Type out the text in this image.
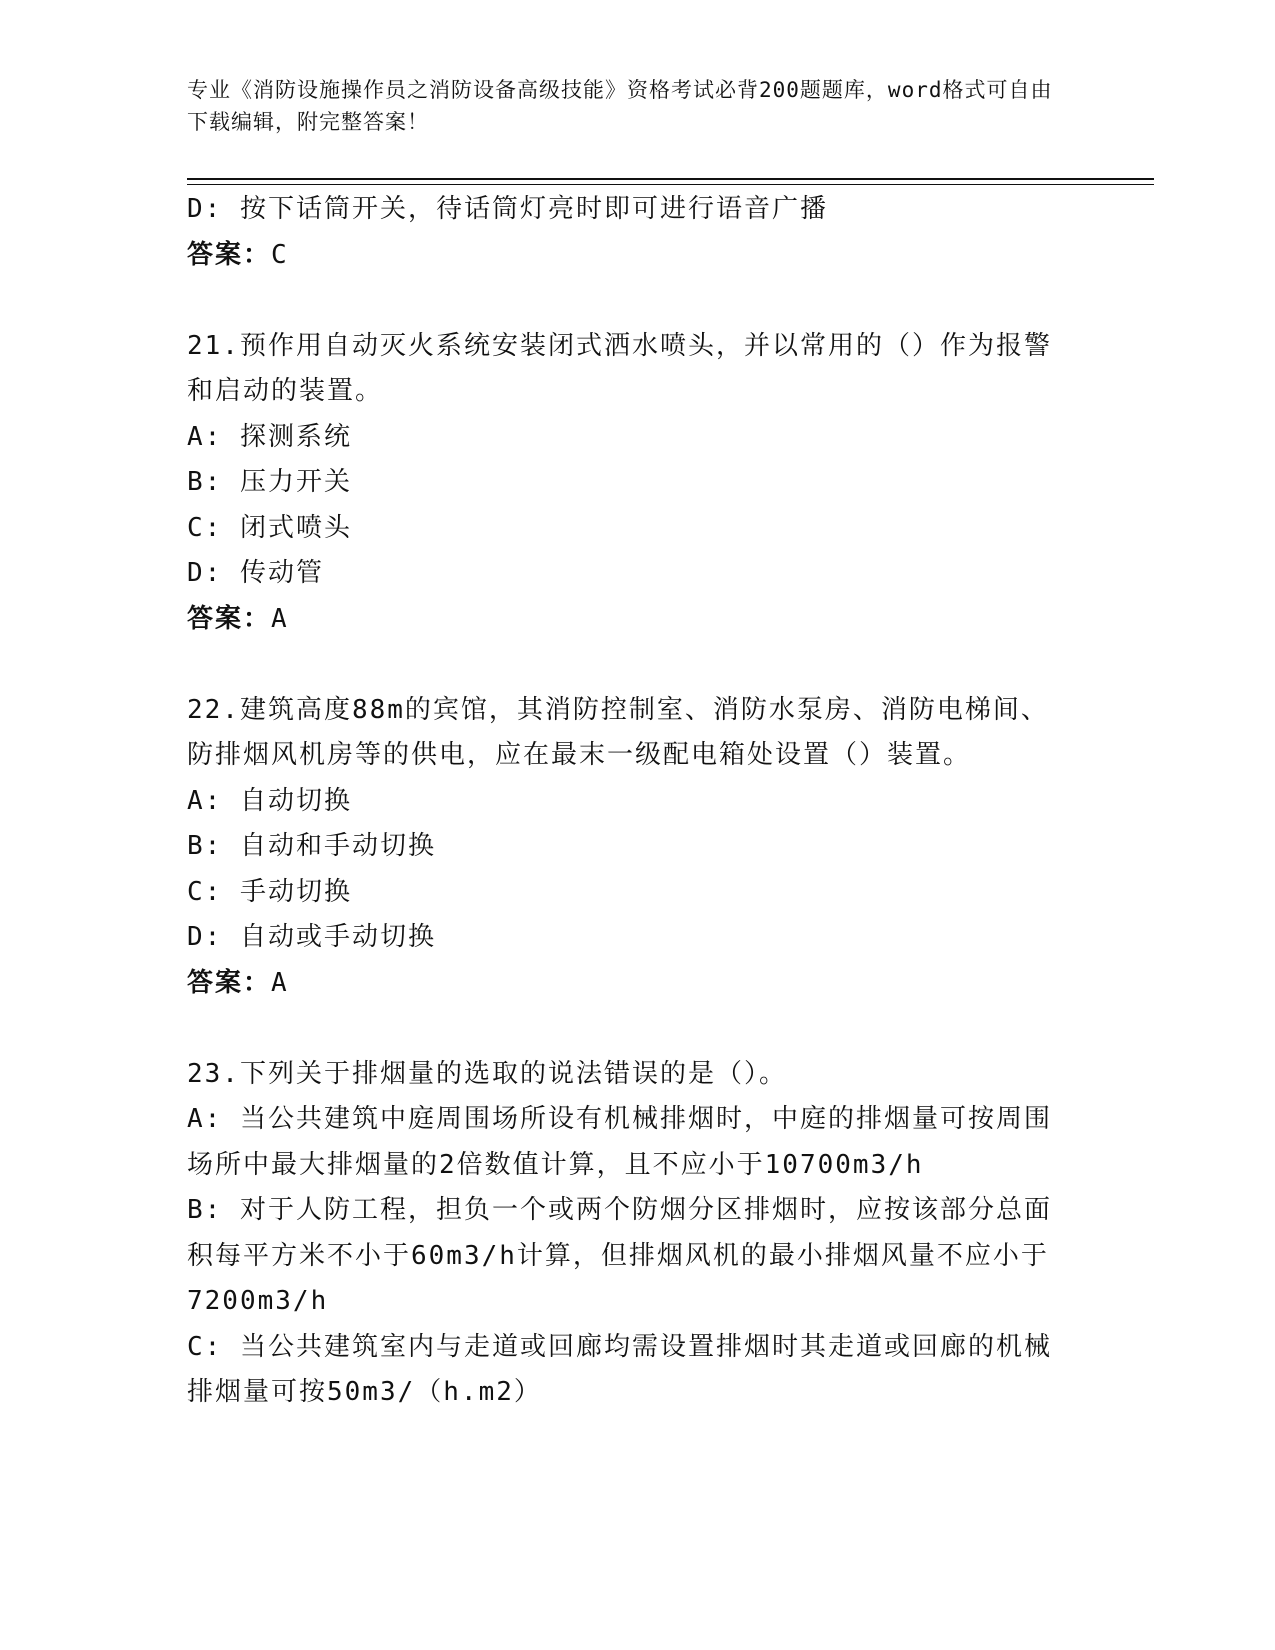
专业《消防设施操作员之消防设备高级技能》资格考试必背200题题库，word格式可自由下载编辑，附完整答案！
D: 按下话筒开关，待话筒灯亮时即可进行语音广播
答案：C
21.预作用自动灭火系统安装闭式洒水喷头，并以常用的（）作为报警和启动的装置。
A: 探测系统
B: 压力开关
C: 闭式喷头
D: 传动管
答案：A
22.建筑高度88m的宾馆，其消防控制室、消防水泵房、消防电梯间、防排烟风机房等的供电，应在最末一级配电箱处设置（）装置。
A: 自动切换
B: 自动和手动切换
C: 手动切换
D: 自动或手动切换
答案：A
23.下列关于排烟量的选取的说法错误的是（）。
A: 当公共建筑中庭周围场所设有机械排烟时，中庭的排烟量可按周围场所中最大排烟量的2倍数值计算，且不应小于10700m3/h
B: 对于人防工程，担负一个或两个防烟分区排烟时，应按该部分总面积每平方米不小于60m3/h计算，但排烟风机的最小排烟风量不应小于7200m3/h
C: 当公共建筑室内与走道或回廊均需设置排烟时其走道或回廊的机械排烟量可按50m3/（h.m2）
